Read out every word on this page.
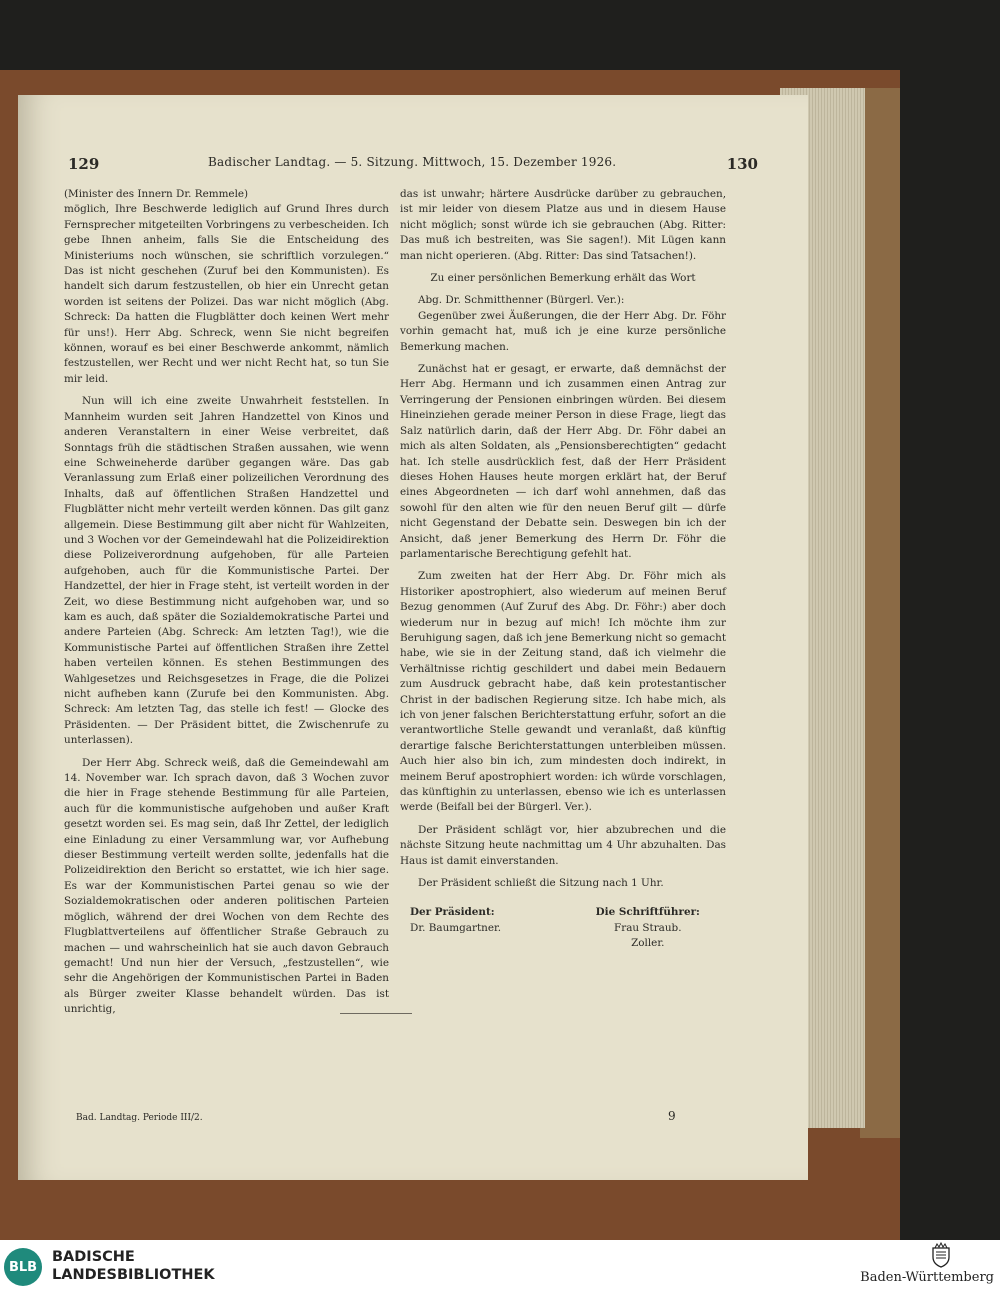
129	Badischer Landtag. — 5. Sitzung. Mittwoch, 15. Dezember 1926.	130

(Minister des Innern Dr. Remmele)

möglich, Ihre Beschwerde lediglich auf Grund Ihres durch Fernsprecher mitgeteilten Vorbringens zu verbescheiden. Ich gebe Ihnen anheim, falls Sie die Entscheidung des Ministeriums noch wünschen, sie schriftlich vorzulegen.“ Das ist nicht geschehen (Zuruf bei den Kommunisten). Es handelt sich darum festzustellen, ob hier ein Unrecht getan worden ist seitens der Polizei. Das war nicht möglich (Abg. Schreck: Da hatten die Flugblätter doch keinen Wert mehr für uns!). Herr Abg. Schreck, wenn Sie nicht begreifen können, worauf es bei einer Beschwerde ankommt, nämlich festzustellen, wer Recht und wer nicht Recht hat, so tun Sie mir leid.

Nun will ich eine zweite Unwahrheit feststellen. In Mannheim wurden seit Jahren Handzettel von Kinos und anderen Veranstaltern in einer Weise verbreitet, daß Sonntags früh die städtischen Straßen aussahen, wie wenn eine Schweineherde darüber gegangen wäre. Das gab Veranlassung zum Erlaß einer polizeilichen Verordnung des Inhalts, daß auf öffentlichen Straßen Handzettel und Flugblätter nicht mehr verteilt werden können. Das gilt ganz allgemein. Diese Bestimmung gilt aber nicht für Wahlzeiten, und 3 Wochen vor der Gemeindewahl hat die Polizeidirektion diese Polizeiverordnung aufgehoben, für alle Parteien aufgehoben, auch für die Kommunistische Partei. Der Handzettel, der hier in Frage steht, ist verteilt worden in der Zeit, wo diese Bestimmung nicht aufgehoben war, und so kam es auch, daß später die Sozialdemokratische Partei und andere Parteien (Abg. Schreck: Am letzten Tag!), wie die Kommunistische Partei auf öffentlichen Straßen ihre Zettel haben verteilen können. Es stehen Bestimmungen des Wahlgesetzes und Reichsgesetzes in Frage, die die Polizei nicht aufheben kann (Zurufe bei den Kommunisten. Abg. Schreck: Am letzten Tag, das stelle ich fest! — Glocke des Präsidenten. — Der Präsident bittet, die Zwischenrufe zu unterlassen).

Der Herr Abg. Schreck weiß, daß die Gemeindewahl am 14. November war. Ich sprach davon, daß 3 Wochen zuvor die hier in Frage stehende Bestimmung für alle Parteien, auch für die kommunistische aufgehoben und außer Kraft gesetzt worden sei. Es mag sein, daß Ihr Zettel, der lediglich eine Einladung zu einer Versammlung war, vor Aufhebung dieser Bestimmung verteilt werden sollte, jedenfalls hat die Polizeidirektion den Bericht so erstattet, wie ich hier sage. Es war der Kommunistischen Partei genau so wie der Sozialdemokratischen oder anderen politischen Parteien möglich, während der drei Wochen von dem Rechte des Flugblattverteilens auf öffentlicher Straße Gebrauch zu machen — und wahrscheinlich hat sie auch davon Gebrauch gemacht! Und nun hier der Versuch, „festzustellen“, wie sehr die Angehörigen der Kommunistischen Partei in Baden als Bürger zweiter Klasse behandelt würden. Das ist unrichtig,

das ist unwahr; härtere Ausdrücke darüber zu gebrauchen, ist mir leider von diesem Platze aus und in diesem Hause nicht möglich; sonst würde ich sie gebrauchen (Abg. Ritter: Das muß ich bestreiten, was Sie sagen!). Mit Lügen kann man nicht operieren. (Abg. Ritter: Das sind Tatsachen!).

Zu einer persönlichen Bemerkung erhält das Wort

Abg. Dr. Schmitthenner (Bürgerl. Ver.):

Gegenüber zwei Äußerungen, die der Herr Abg. Dr. Föhr vorhin gemacht hat, muß ich je eine kurze persönliche Bemerkung machen.

Zunächst hat er gesagt, er erwarte, daß demnächst der Herr Abg. Hermann und ich zusammen einen Antrag zur Verringerung der Pensionen einbringen würden. Bei diesem Hineinziehen gerade meiner Person in diese Frage, liegt das Salz natürlich darin, daß der Herr Abg. Dr. Föhr dabei an mich als alten Soldaten, als „Pensionsberechtigten“ gedacht hat. Ich stelle ausdrücklich fest, daß der Herr Präsident dieses Hohen Hauses heute morgen erklärt hat, der Beruf eines Abgeordneten — ich darf wohl annehmen, daß das sowohl für den alten wie für den neuen Beruf gilt — dürfe nicht Gegenstand der Debatte sein. Deswegen bin ich der Ansicht, daß jener Bemerkung des Herrn Dr. Föhr die parlamentarische Berechtigung gefehlt hat.

Zum zweiten hat der Herr Abg. Dr. Föhr mich als Historiker apostrophiert, also wiederum auf meinen Beruf Bezug genommen (Auf Zuruf des Abg. Dr. Föhr:) aber doch wiederum nur in bezug auf mich! Ich möchte ihm zur Beruhigung sagen, daß ich jene Bemerkung nicht so gemacht habe, wie sie in der Zeitung stand, daß ich vielmehr die Verhältnisse richtig geschildert und dabei mein Bedauern zum Ausdruck gebracht habe, daß kein protestantischer Christ in der badischen Regierung sitze. Ich habe mich, als ich von jener falschen Berichterstattung erfuhr, sofort an die verantwortliche Stelle gewandt und veranlaßt, daß künftig derartige falsche Berichterstattungen unterbleiben müssen. Auch hier also bin ich, zum mindesten doch indirekt, in meinem Beruf apostrophiert worden: ich würde vorschlagen, das künftighin zu unterlassen, ebenso wie ich es unterlassen werde (Beifall bei der Bürgerl. Ver.).

Der Präsident schlägt vor, hier abzubrechen und die nächste Sitzung heute nachmittag um 4 Uhr abzuhalten. Das Haus ist damit einverstanden.

Der Präsident schließt die Sitzung nach 1 Uhr.

Der Präsident:
Dr. Baumgartner.
Die Schriftführer:
Frau Straub.
Zoller.
Bad. Landtag. Periode III/2.	9
BLB
BADISCHE
LANDESBIBLIOTHEK	Baden-Württemberg
